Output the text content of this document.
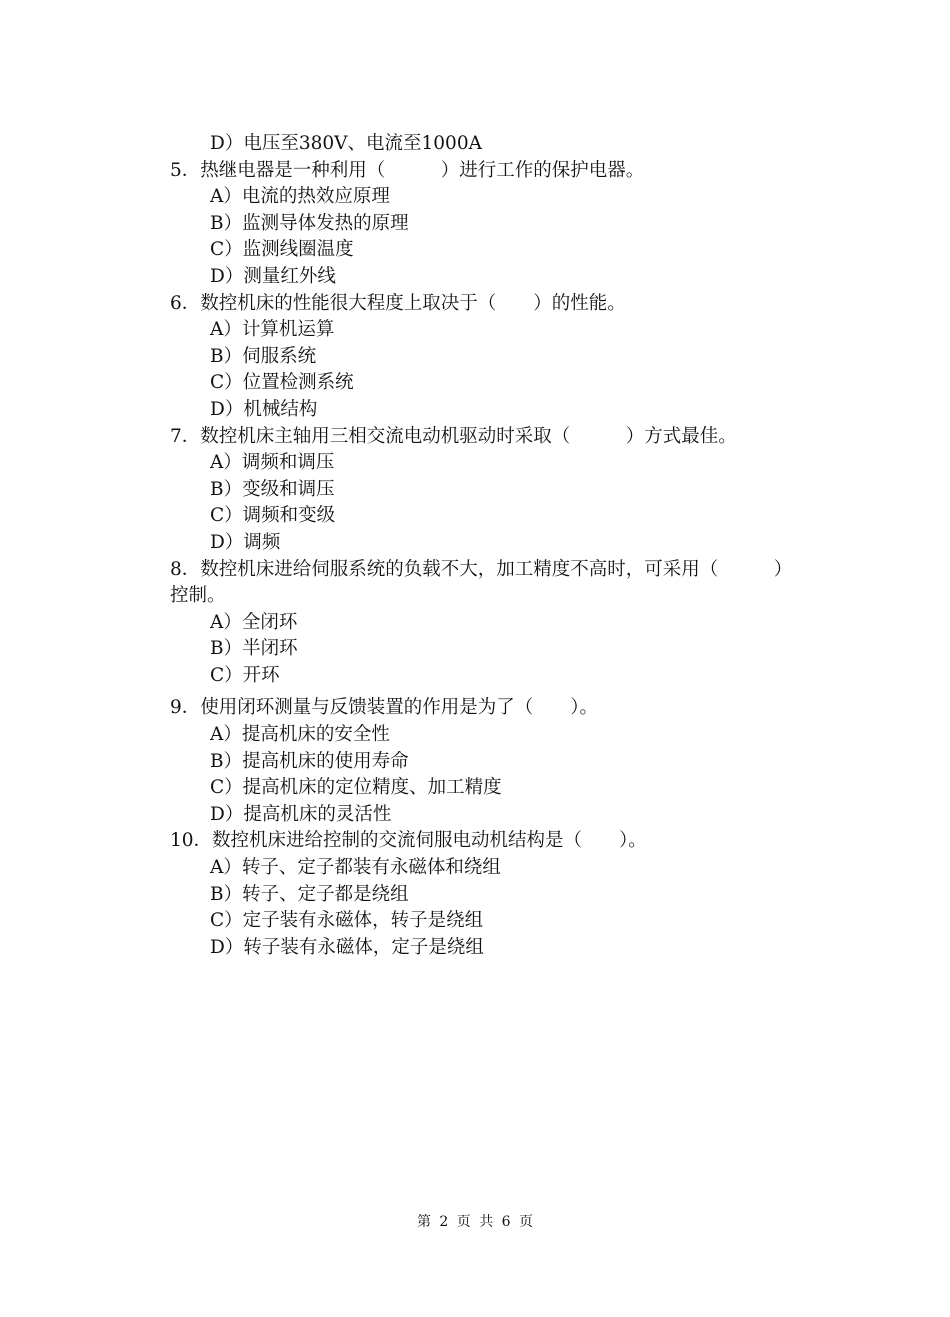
D）电压至380V、电流至1000A
5．热继电器是一种利用（　　　）进行工作的保护电器。
A）电流的热效应原理
B）监测导体发热的原理
C）监测线圈温度
D）测量红外线
6．数控机床的性能很大程度上取决于（　　）的性能。
A）计算机运算
B）伺服系统
C）位置检测系统
D）机械结构
7．数控机床主轴用三相交流电动机驱动时采取（　　　）方式最佳。
A）调频和调压
B）变级和调压
C）调频和变级
D）调频
8．数控机床进给伺服系统的负载不大，加工精度不高时，可采用（　　　）
控制。
A）全闭环
B）半闭环
C）开环
9．使用闭环测量与反馈装置的作用是为了（　　）。
A）提高机床的安全性
B）提高机床的使用寿命
C）提高机床的定位精度、加工精度
D）提高机床的灵活性
10．数控机床进给控制的交流伺服电动机结构是（　　）。
A）转子、定子都装有永磁体和绕组
B）转子、定子都是绕组
C）定子装有永磁体，转子是绕组
D）转子装有永磁体，定子是绕组
第 2 页 共 6 页
